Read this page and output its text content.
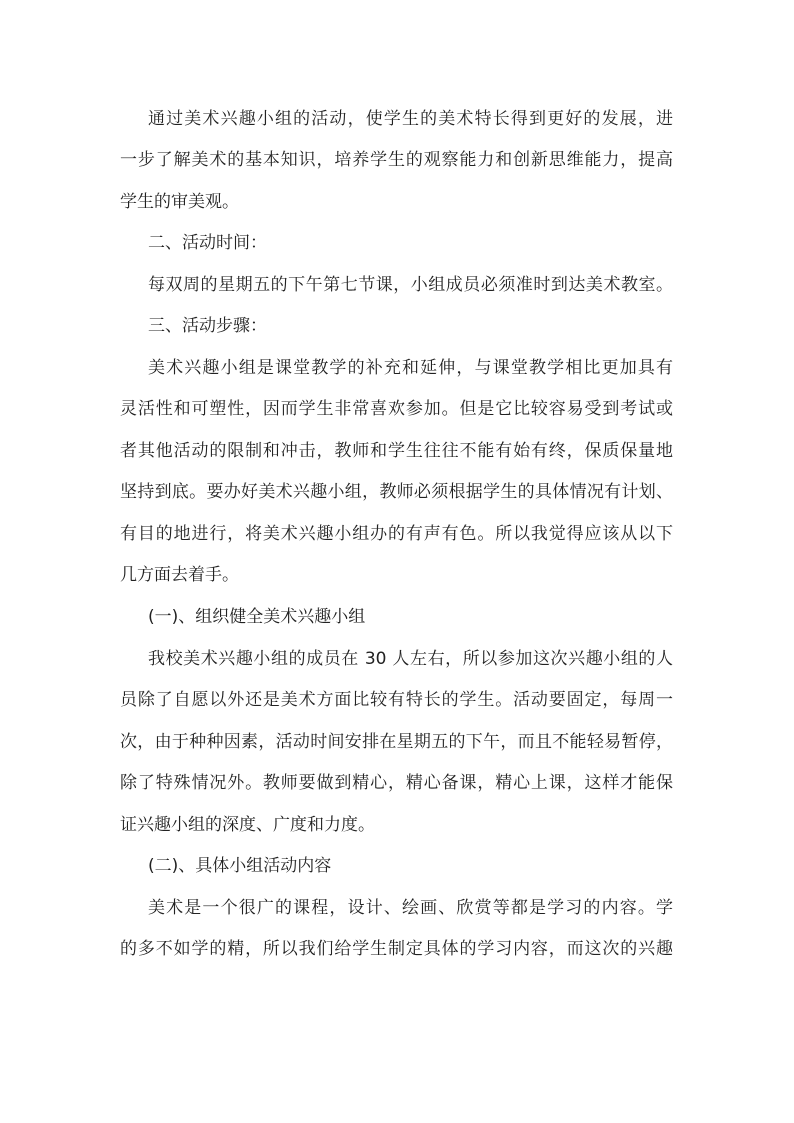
通过美术兴趣小组的活动，使学生的美术特长得到更好的发展，进
一步了解美术的基本知识，培养学生的观察能力和创新思维能力，提高
学生的审美观。
二、活动时间：
每双周的星期五的下午第七节课，小组成员必须准时到达美术教室。
三、活动步骤：
美术兴趣小组是课堂教学的补充和延伸，与课堂教学相比更加具有
灵活性和可塑性，因而学生非常喜欢参加。但是它比较容易受到考试或
者其他活动的限制和冲击，教师和学生往往不能有始有终，保质保量地
坚持到底。要办好美术兴趣小组，教师必须根据学生的具体情况有计划、
有目的地进行，将美术兴趣小组办的有声有色。所以我觉得应该从以下
几方面去着手。
(一)、组织健全美术兴趣小组
我校美术兴趣小组的成员在 30 人左右，所以参加这次兴趣小组的人
员除了自愿以外还是美术方面比较有特长的学生。活动要固定，每周一
次，由于种种因素，活动时间安排在星期五的下午，而且不能轻易暂停，
除了特殊情况外。教师要做到精心，精心备课，精心上课，这样才能保
证兴趣小组的深度、广度和力度。
(二)、具体小组活动内容
美术是一个很广的课程，设计、绘画、欣赏等都是学习的内容。学
的多不如学的精，所以我们给学生制定具体的学习内容，而这次的兴趣
